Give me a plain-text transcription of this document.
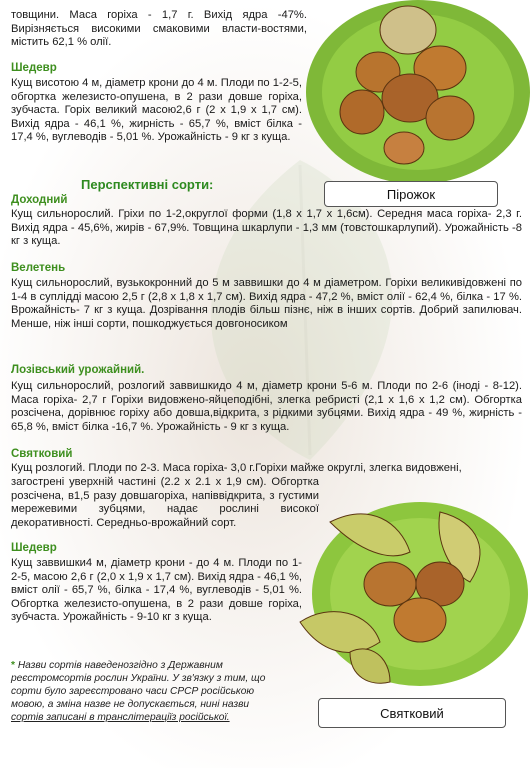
Пірожок
Святковий

товщини. Маса горіха - 1,7 г. Вихід ядра -47%. Вирізняється високими смаковими власти-востями, містить 62,1 % олії.

Шедевр

Кущ висотою 4 м, діаметр крони до 4 м. Плоди по 1-2-5, обгортка железисто-опушена, в 2 рази довше горіха, зубчаста. Горіх великий масою2,6 г (2 х 1,9 х 1,7 см). Вихід ядра - 46,1 %, жирність - 65,7 %, вміст білка - 17,4 %, вуглеводів - 5,01 %. Урожайність - 9 кг з куща.

Перспективні сорти:

Доходний

Кущ сильнорослий. Гріхи по 1-2,округлої форми (1,8 х 1,7 х 1,6см). Середня маса горіха- 2,3 г. Вихід ядра - 45,6%, жирів - 67,9%. Товщина шкарлупи - 1,3 мм (товстошкарлупий). Урожайність -8 кг з куща.

Велетень

Кущ сильнорослий, вузькокронний до 5 м заввишки до 4 м діаметром. Горіхи великивідовжені по 1-4 в суплідді масою 2,5 г (2,8 х 1,8 х 1,7 см). Вихід ядра - 47,2 %, вміст олії - 62,4 %, білка - 17 %. Врожайність- 7 кг з куща. Дозрівання плодів більш пізнє, ніж в інших сортів. Добрий запилювач. Менше, ніж інші сорти, пошкоджується довгоносиком

Лозівський урожайний.

Кущ сильнорослий, розлогий заввишкидо 4 м, діаметр крони 5-6 м. Плоди по 2-6 (іноді - 8-12). Маса горіха- 2,7 г Горіхи видовжено-яйцеподібні, злегка ребристі (2,1 х 1,6 х 1,2 см). Обгортка розсічена, дорівнює горіху або довша,відкрита, з рідкими зубцями. Вихід ядра - 49 %, жирність - 65,8 %, вміст білка -16,7 %. Урожайність - 9 кг з куща.

Святковий

Кущ розлогий. Плоди по 2-3. Маса горіха- 3,0 г.Горіхи майже округлі, злегка видовжені,

загострені уверхній частині (2.2 х 2.1 х 1,9 см). Обгортка розсічена, в1,5 разу довшагоріха, напіввідкрита, з густими мережевими зубцями, надає рослині високої декоративності. Середньо-врожайний сорт.

Шедевр

Кущ заввишки4 м, діаметр крони - до 4 м. Плоди по 1-2-5, масою 2,6 г (2,0 х 1,9 х 1,7 см). Вихід ядра - 46,1 %, вміст олії - 65,7 %, білка - 17,4 %, вуглеводів - 5,01 %. Обгортка железисто-опушена, в 2 рази довше горіха, зубчаста. Урожайність - 9-10 кг з куща.

* Назви сортів наведенозгідно з Державним реєстромсортів рослин України. У зв'язку з тим, що сорти було зареєстровано часи СРСР російською мовою, а зміна назве не допускається, нині назви сортів записані в транслітераціїз російської.
